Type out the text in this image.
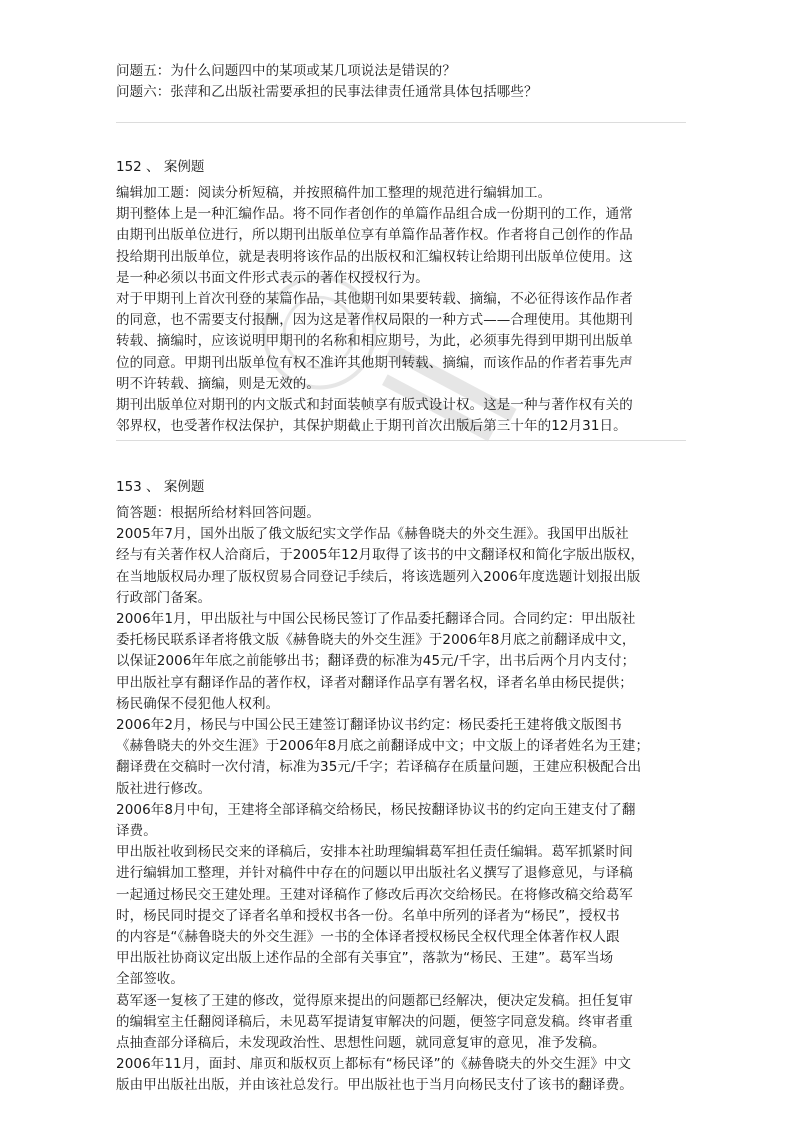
问题五：为什么问题四中的某项或某几项说法是错误的？
问题六：张萍和乙出版社需要承担的民事法律责任通常具体包括哪些？
152 、 案例题
编辑加工题：阅读分析短稿，并按照稿件加工整理的规范进行编辑加工。
期刊整体上是一种汇编作品。将不同作者创作的单篇作品组合成一份期刊的工作，通常
由期刊出版单位进行，所以期刊出版单位享有单篇作品著作权。作者将自己创作的作品
投给期刊出版单位，就是表明将该作品的出版权和汇编权转让给期刊出版单位使用。这
是一种必须以书面文件形式表示的著作权授权行为。
对于甲期刊上首次刊登的某篇作品，其他期刊如果要转载、摘编，不必征得该作品作者
的同意，也不需要支付报酬，因为这是著作权局限的一种方式——合理使用。其他期刊
转载、摘编时，应该说明甲期刊的名称和相应期号，为此，必须事先得到甲期刊出版单
位的同意。甲期刊出版单位有权不准许其他期刊转载、摘编，而该作品的作者若事先声
明不许转载、摘编，则是无效的。
期刊出版单位对期刊的内文版式和封面装帧享有版式设计权。这是一种与著作权有关的
邻界权，也受著作权法保护，其保护期截止于期刊首次出版后第三十年的12月31日。
153 、 案例题
简答题：根据所给材料回答问题。
2005年7月，国外出版了俄文版纪实文学作品《赫鲁晓夫的外交生涯》。我国甲出版社
经与有关著作权人洽商后，于2005年12月取得了该书的中文翻译权和简化字版出版权，
在当地版权局办理了版权贸易合同登记手续后，将该选题列入2006年度选题计划报出版
行政部门备案。
2006年1月，甲出版社与中国公民杨民签订了作品委托翻译合同。合同约定：甲出版社
委托杨民联系译者将俄文版《赫鲁晓夫的外交生涯》于2006年8月底之前翻译成中文，
以保证2006年年底之前能够出书；翻译费的标准为45元/千字，出书后两个月内支付；
甲出版社享有翻译作品的著作权，译者对翻译作品享有署名权，译者名单由杨民提供；
杨民确保不侵犯他人权利。
2006年2月，杨民与中国公民王建签订翻译协议书约定：杨民委托王建将俄文版图书
《赫鲁晓夫的外交生涯》于2006年8月底之前翻译成中文；中文版上的译者姓名为王建；
翻译费在交稿时一次付清，标准为35元/千字；若译稿存在质量问题，王建应积极配合出
版社进行修改。
2006年8月中旬，王建将全部译稿交给杨民，杨民按翻译协议书的约定向王建支付了翻
译费。
甲出版社收到杨民交来的译稿后，安排本社助理编辑葛军担任责任编辑。葛军抓紧时间
进行编辑加工整理，并针对稿件中存在的问题以甲出版社名义撰写了退修意见，与译稿
一起通过杨民交王建处理。王建对译稿作了修改后再次交给杨民。在将修改稿交给葛军
时，杨民同时提交了译者名单和授权书各一份。名单中所列的译者为“杨民”，授权书
的内容是“《赫鲁晓夫的外交生涯》一书的全体译者授权杨民全权代理全体著作权人跟
甲出版社协商议定出版上述作品的全部有关事宜”，落款为“杨民、王建”。葛军当场
全部签收。
葛军逐一复核了王建的修改，觉得原来提出的问题都已经解决，便决定发稿。担任复审
的编辑室主任翻阅译稿后，未见葛军提请复审解决的问题，便签字同意发稿。终审者重
点抽查部分译稿后，未发现政治性、思想性问题，就同意复审的意见，准予发稿。
2006年11月，面封、扉页和版权页上都标有“杨民译”的《赫鲁晓夫的外交生涯》中文
版由甲出版社出版，并由该社总发行。甲出版社也于当月向杨民支付了该书的翻译费。
